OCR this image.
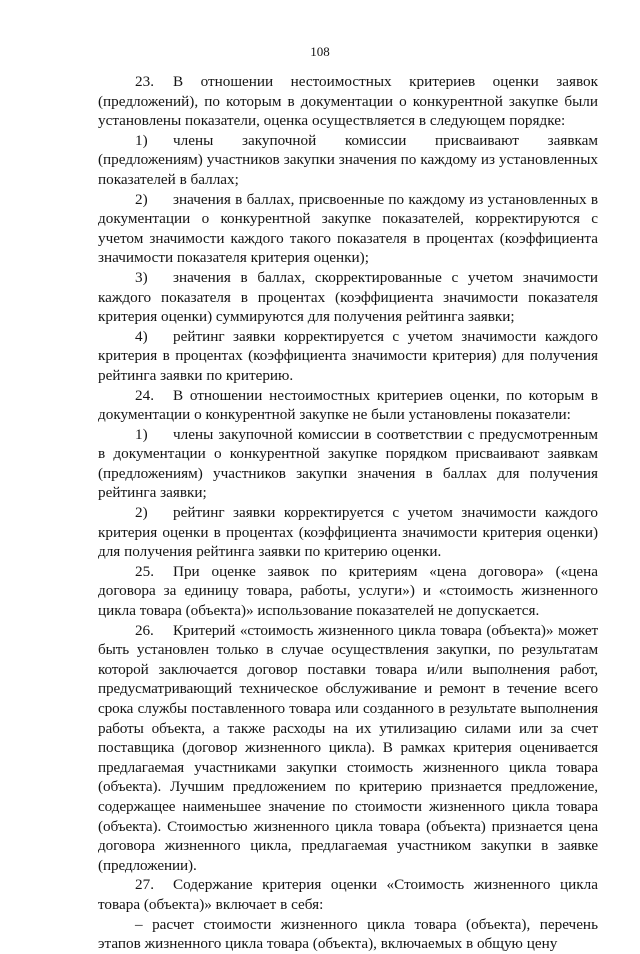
108

23. В отношении нестоимостных критериев оценки заявок (предложений), по которым в документации о конкурентной закупке были установлены показатели, оценка осуществляется в следующем порядке:

1) члены закупочной комиссии присваивают заявкам (предложениям) участников закупки значения по каждому из установленных показателей в баллах;

2) значения в баллах, присвоенные по каждому из установленных в документации о конкурентной закупке показателей, корректируются с учетом значимости каждого такого показателя в процентах (коэффициента значимости показателя критерия оценки);

3) значения в баллах, скорректированные с учетом значимости каждого показателя в процентах (коэффициента значимости показателя критерия оценки) суммируются для получения рейтинга заявки;

4) рейтинг заявки корректируется с учетом значимости каждого критерия в процентах (коэффициента значимости критерия) для получения рейтинга заявки по критерию.

24. В отношении нестоимостных критериев оценки, по которым в документации о конкурентной закупке не были установлены показатели:

1) члены закупочной комиссии в соответствии с предусмотренным в документации о конкурентной закупке порядком присваивают заявкам (предложениям) участников закупки значения в баллах для получения рейтинга заявки;

2) рейтинг заявки корректируется с учетом значимости каждого критерия оценки в процентах (коэффициента значимости критерия оценки) для получения рейтинга заявки по критерию оценки.

25. При оценке заявок по критериям «цена договора» («цена договора за единицу товара, работы, услуги») и «стоимость жизненного цикла товара (объекта)» использование показателей не допускается.

26. Критерий «стоимость жизненного цикла товара (объекта)» может быть установлен только в случае осуществления закупки, по результатам которой заключается договор поставки товара и/или выполнения работ, предусматривающий техническое обслуживание и ремонт в течение всего срока службы поставленного товара или созданного в результате выполнения работы объекта, а также расходы на их утилизацию силами или за счет поставщика (договор жизненного цикла). В рамках критерия оценивается предлагаемая участниками закупки стоимость жизненного цикла товара (объекта). Лучшим предложением по критерию признается предложение, содержащее наименьшее значение по стоимости жизненного цикла товара (объекта). Стоимостью жизненного цикла товара (объекта) признается цена договора жизненного цикла, предлагаемая участником закупки в заявке (предложении).

27. Содержание критерия оценки «Стоимость жизненного цикла товара (объекта)» включает в себя:

– расчет стоимости жизненного цикла товара (объекта), перечень этапов жизненного цикла товара (объекта), включаемых в общую цену
